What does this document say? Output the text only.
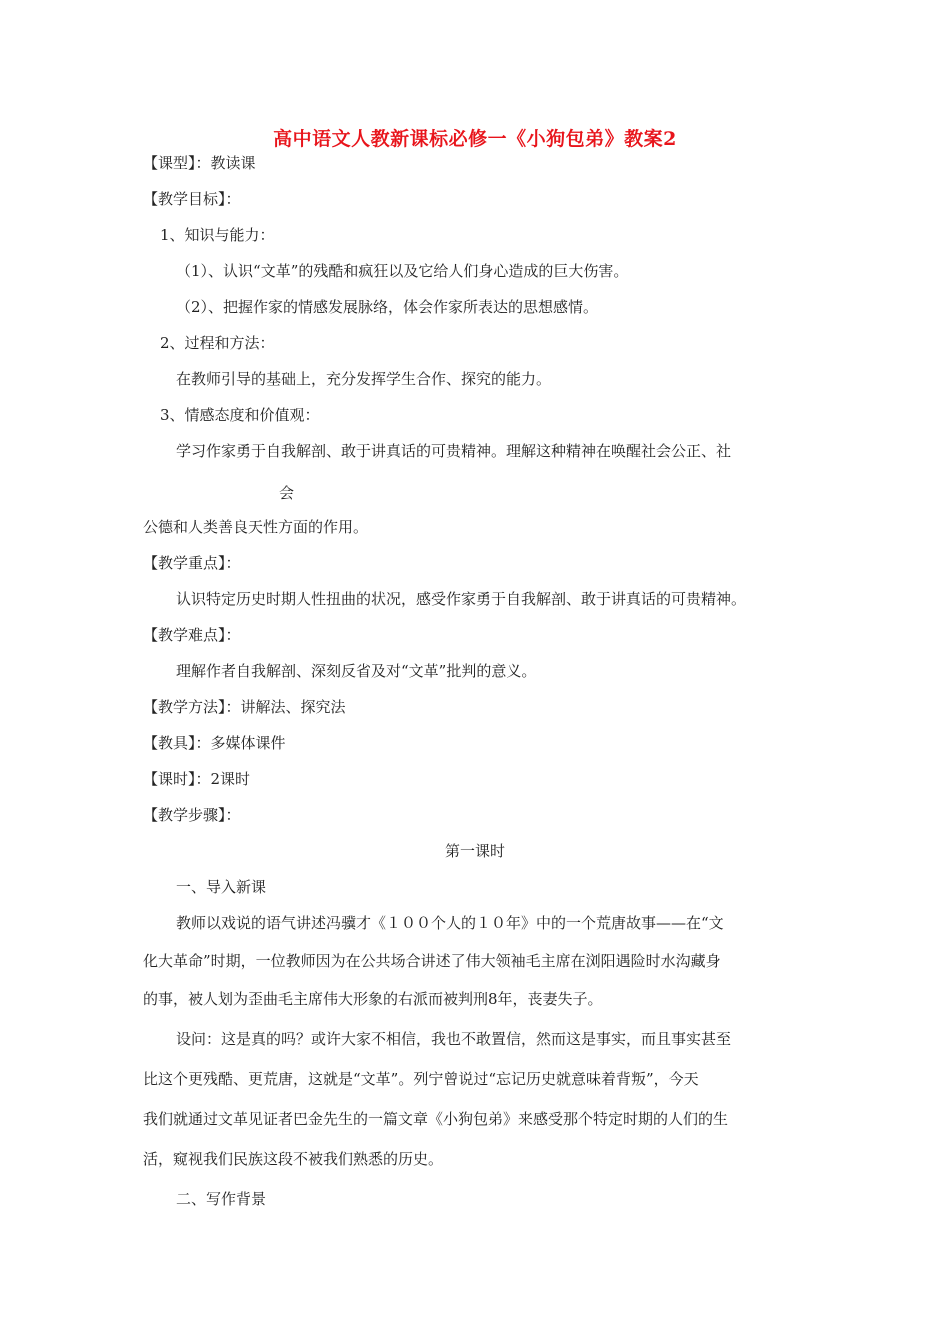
高中语文人教新课标必修一《小狗包弟》教案2
【课型】：教读课
【教学目标】：
1、知识与能力：
（1）、认识“文革”的残酷和疯狂以及它给人们身心造成的巨大伤害。
（2）、把握作家的情感发展脉络，体会作家所表达的思想感情。
2、过程和方法：
在教师引导的基础上，充分发挥学生合作、探究的能力。
3、情感态度和价值观：
学习作家勇于自我解剖、敢于讲真话的可贵精神。理解这种精神在唤醒社会公正、社
会
公德和人类善良天性方面的作用。
【教学重点】：
认识特定历史时期人性扭曲的状况，感受作家勇于自我解剖、敢于讲真话的可贵精神。
【教学难点】：
理解作者自我解剖、深刻反省及对“文革”批判的意义。
【教学方法】：讲解法、探究法
【教具】：多媒体课件
【课时】：2课时
【教学步骤】：
第一课时
一、导入新课
教师以戏说的语气讲述冯骥才《１００个人的１０年》中的一个荒唐故事——在“文
化大革命”时期，一位教师因为在公共场合讲述了伟大领袖毛主席在浏阳遇险时水沟藏身
的事，被人划为歪曲毛主席伟大形象的右派而被判刑8年，丧妻失子。
设问：这是真的吗？或许大家不相信，我也不敢置信，然而这是事实，而且事实甚至
比这个更残酷、更荒唐，这就是“文革”。列宁曾说过“忘记历史就意味着背叛”，今天
我们就通过文革见证者巴金先生的一篇文章《小狗包弟》来感受那个特定时期的人们的生
活，窥视我们民族这段不被我们熟悉的历史。
二、写作背景
